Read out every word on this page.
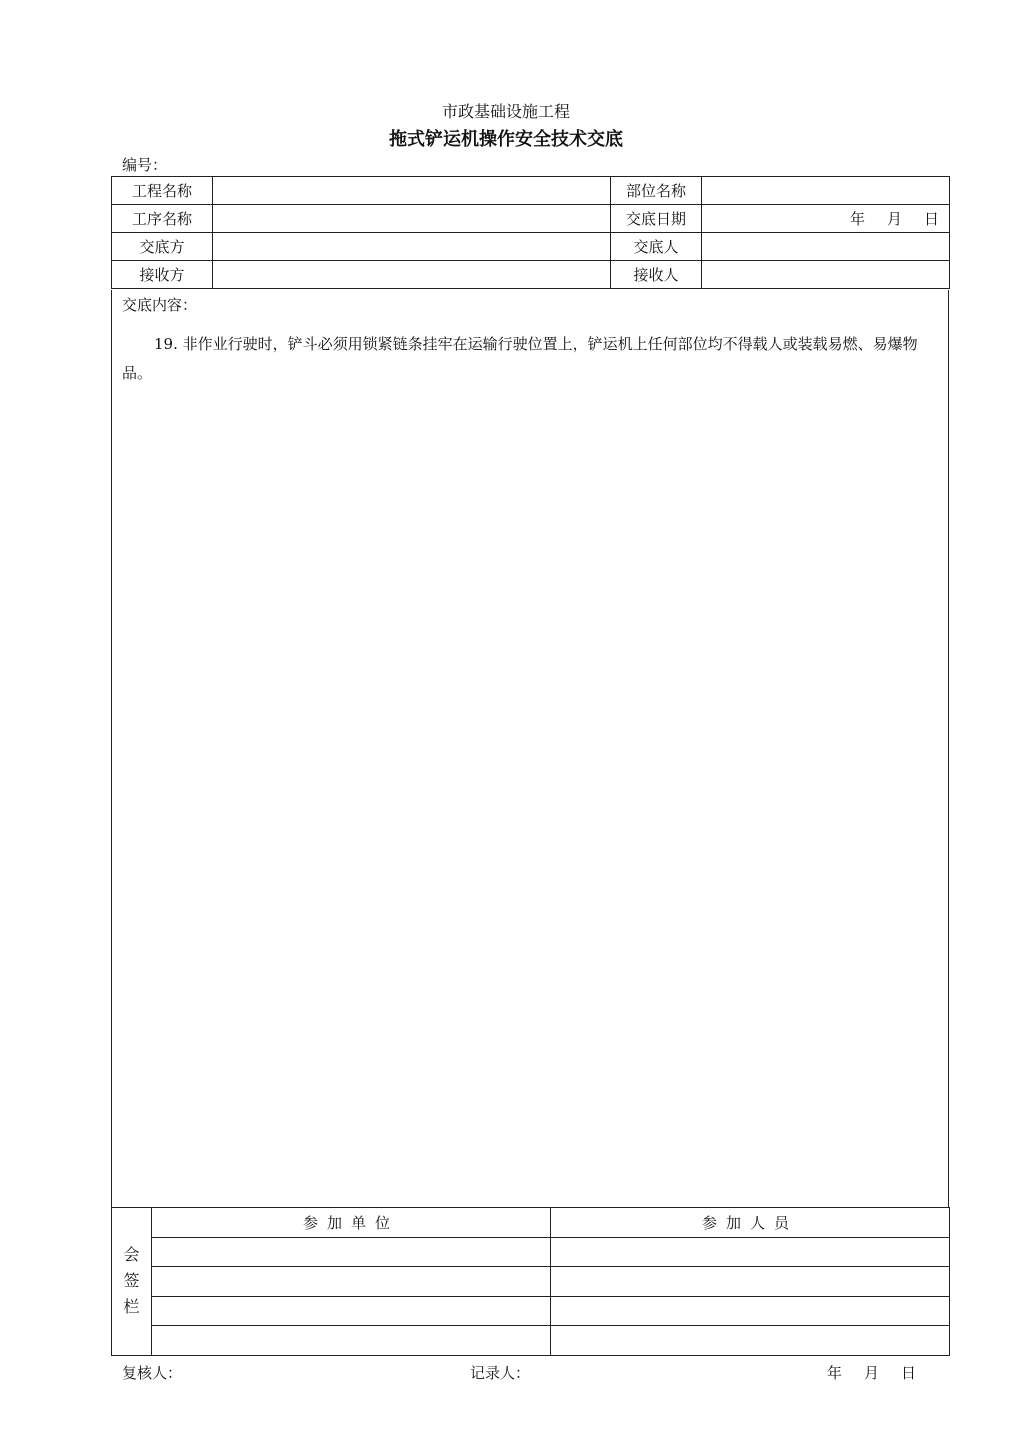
市政基础设施工程
拖式铲运机操作安全技术交底
编号：
工程名称		部位名称	
工序名称		交底日期	年 月 日
交底方		交底人	
接收方		接收人	
交底内容：
19. 非作业行驶时，铲斗必须用锁紧链条挂牢在运输行驶位置上，铲运机上任何部位均不得载人或装载易燃、易爆物品。
会
签
栏	参加单位	参加人员

复核人：	记录人：	年 月 日
